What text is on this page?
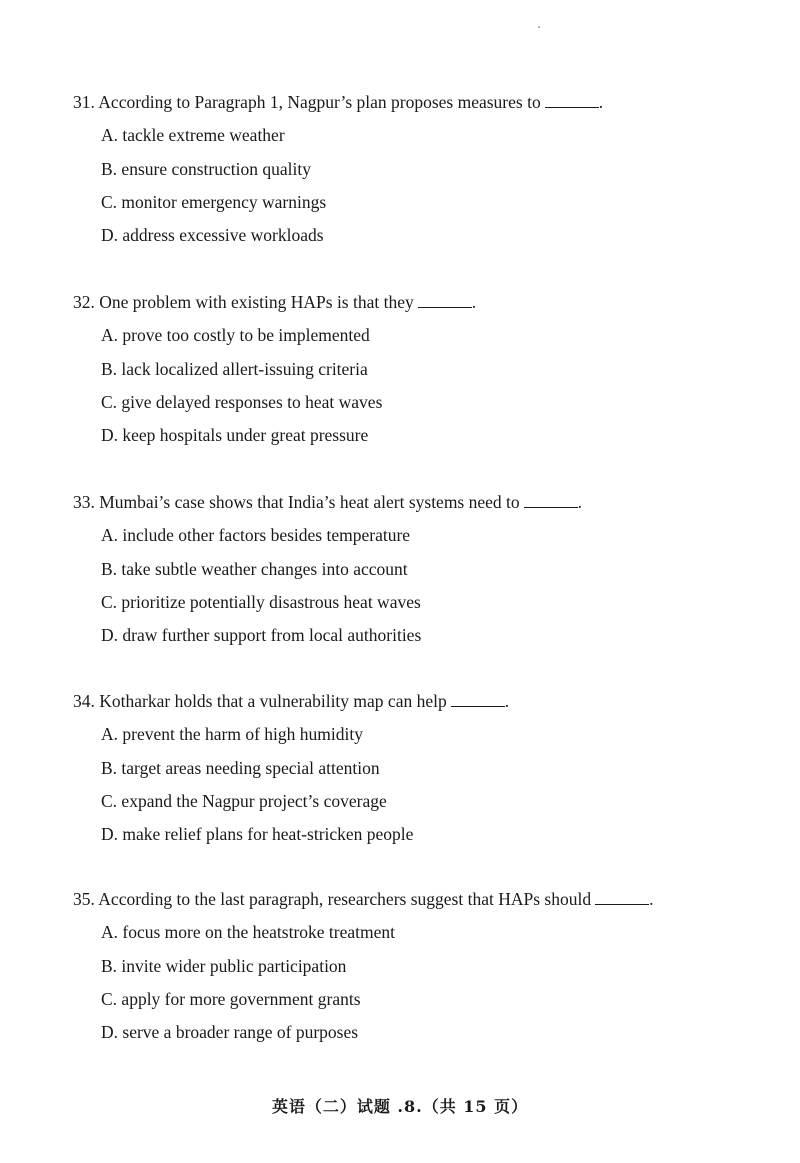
31. According to Paragraph 1, Nagpur’s plan proposes measures to	.
A. tackle extreme weather
B. ensure construction quality
C. monitor emergency warnings
D. address excessive workloads
32. One problem with existing HAPs is that they	.
A. prove too costly to be implemented
B. lack localized allert-issuing criteria
C. give delayed responses to heat waves
D. keep hospitals under great pressure
33. Mumbai’s case shows that India’s heat alert systems need to	.
A. include other factors besides temperature
B. take subtle weather changes into account
C. prioritize potentially disastrous heat waves
D. draw further support from local authorities
34. Kotharkar holds that a vulnerability map can help	.
A. prevent the harm of high humidity
B. target areas needing special attention
C. expand the Nagpur project’s coverage
D. make relief plans for heat-stricken people
35. According to the last paragraph, researchers suggest that HAPs should	.
A. focus more on the heatstroke treatment
B. invite wider public participation
C. apply for more government grants
D. serve a broader range of purposes
英语（二）试题 .8.（共 15 页）
